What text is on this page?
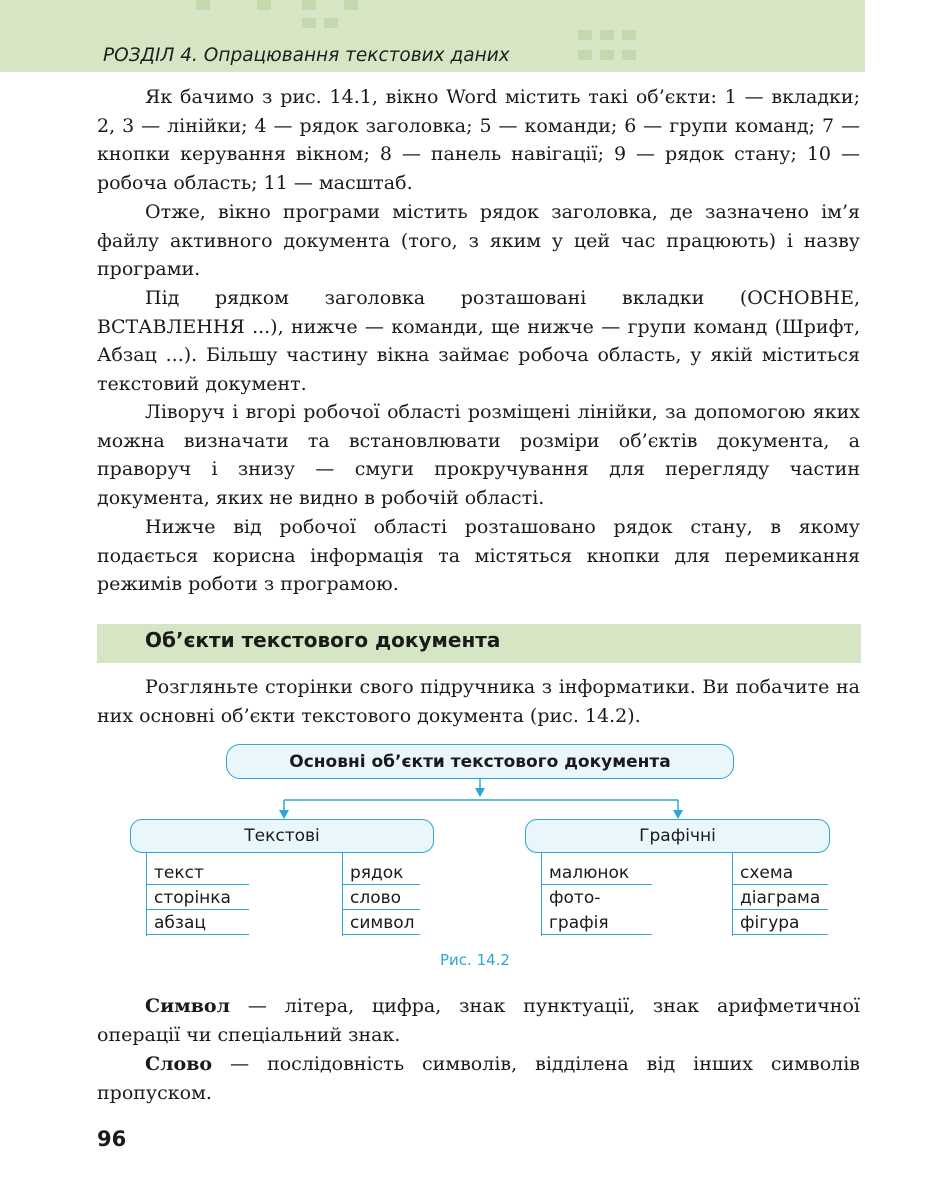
РОЗДІЛ 4. Опрацювання текстових даних

Як бачимо з рис. 14.1, вікно Word містить такі об’єкти: 1 — вкладки; 2, 3 — лінійки; 4 — рядок заголовка; 5 — команди; 6 — групи команд; 7 — кнопки керування вікном; 8 — панель навігації; 9 — рядок стану; 10 — робоча область; 11 — масштаб.

Отже, вікно програми містить рядок заголовка, де зазначено ім’я файлу активного документа (того, з яким у цей час працюють) і назву програми.

Під рядком заголовка розташовані вкладки (ОСНОВНЕ, ВСТАВЛЕННЯ ...), нижче — команди, ще нижче — групи команд (Шрифт, Абзац ...). Більшу частину вікна займає робоча область, у якій міститься текстовий документ.

Ліворуч і вгорі робочої області розміщені лінійки, за допомогою яких можна визначати та встановлювати розміри об’єктів документа, а праворуч і знизу — смуги прокручування для перегляду частин документа, яких не видно в робочій області.

Нижче від робочої області розташовано рядок стану, в якому подається корисна інформація та містяться кнопки для перемикання режимів роботи з програмою.

Об’єкти текстового документа

Розгляньте сторінки свого підручника з інформатики. Ви побачите на них основні об’єкти текстового документа (рис. 14.2).

Основні об’єкти текстового документа
Текстові
текст
сторінка
абзац
рядок
слово
символ
Графічні
малюнок
фото-
графія
схема
діаграма
фігура
Рис. 14.2

Символ — літера, цифра, знак пунктуації, знак арифметичної операції чи спеціальний знак.

Слово — послідовність символів, відділена від інших символів пропуском.

96
